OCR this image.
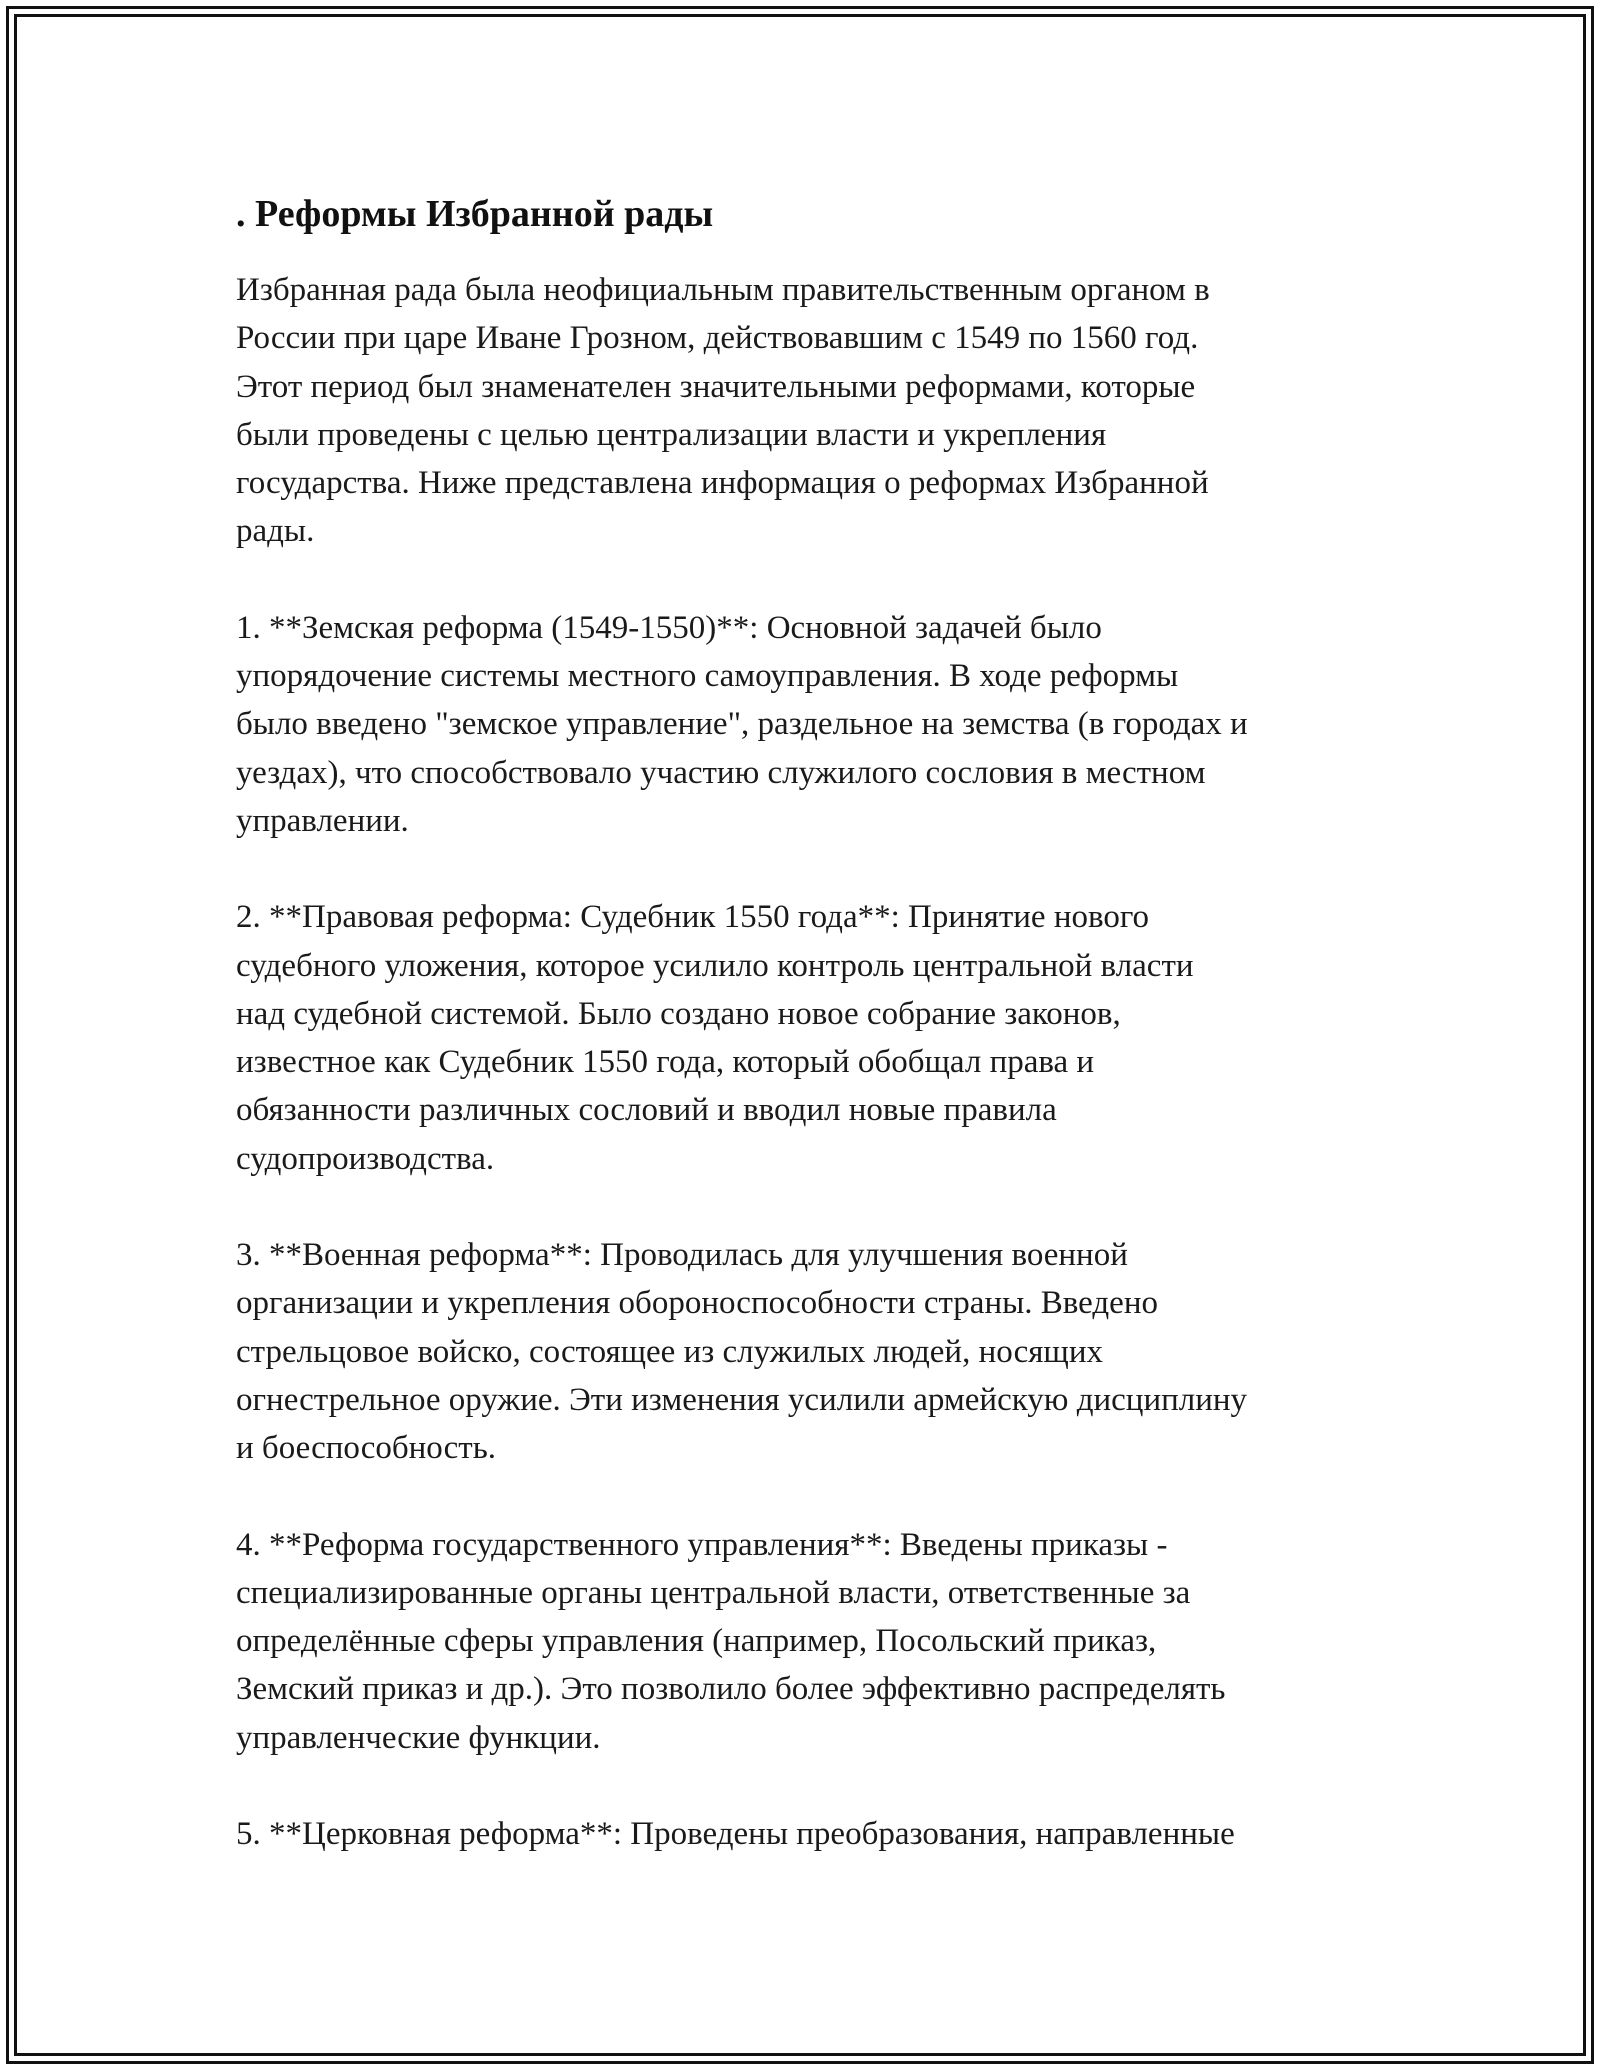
. Реформы Избранной рады
Избранная рада была неофициальным правительственным органом в
России при царе Иване Грозном, действовавшим с 1549 по 1560 год.
Этот период был знаменателен значительными реформами, которые
были проведены с целью централизации власти и укрепления
государства. Ниже представлена информация о реформах Избранной
рады.
1. **Земская реформа (1549-1550)**: Основной задачей было
упорядочение системы местного самоуправления. В ходе реформы
было введено "земское управление", раздельное на земства (в городах и
уездах), что способствовало участию служилого сословия в местном
управлении.
2. **Правовая реформа: Судебник 1550 года**: Принятие нового
судебного уложения, которое усилило контроль центральной власти
над судебной системой. Было создано новое собрание законов,
известное как Судебник 1550 года, который обобщал права и
обязанности различных сословий и вводил новые правила
судопроизводства.
3. **Военная реформа**: Проводилась для улучшения военной
организации и укрепления обороноспособности страны. Введено
стрельцовое войско, состоящее из служилых людей, носящих
огнестрельное оружие. Эти изменения усилили армейскую дисциплину
и боеспособность.
4. **Реформа государственного управления**: Введены приказы -
специализированные органы центральной власти, ответственные за
определённые сферы управления (например, Посольский приказ,
Земский приказ и др.). Это позволило более эффективно распределять
управленческие функции.
5. **Церковная реформа**: Проведены преобразования, направленные
